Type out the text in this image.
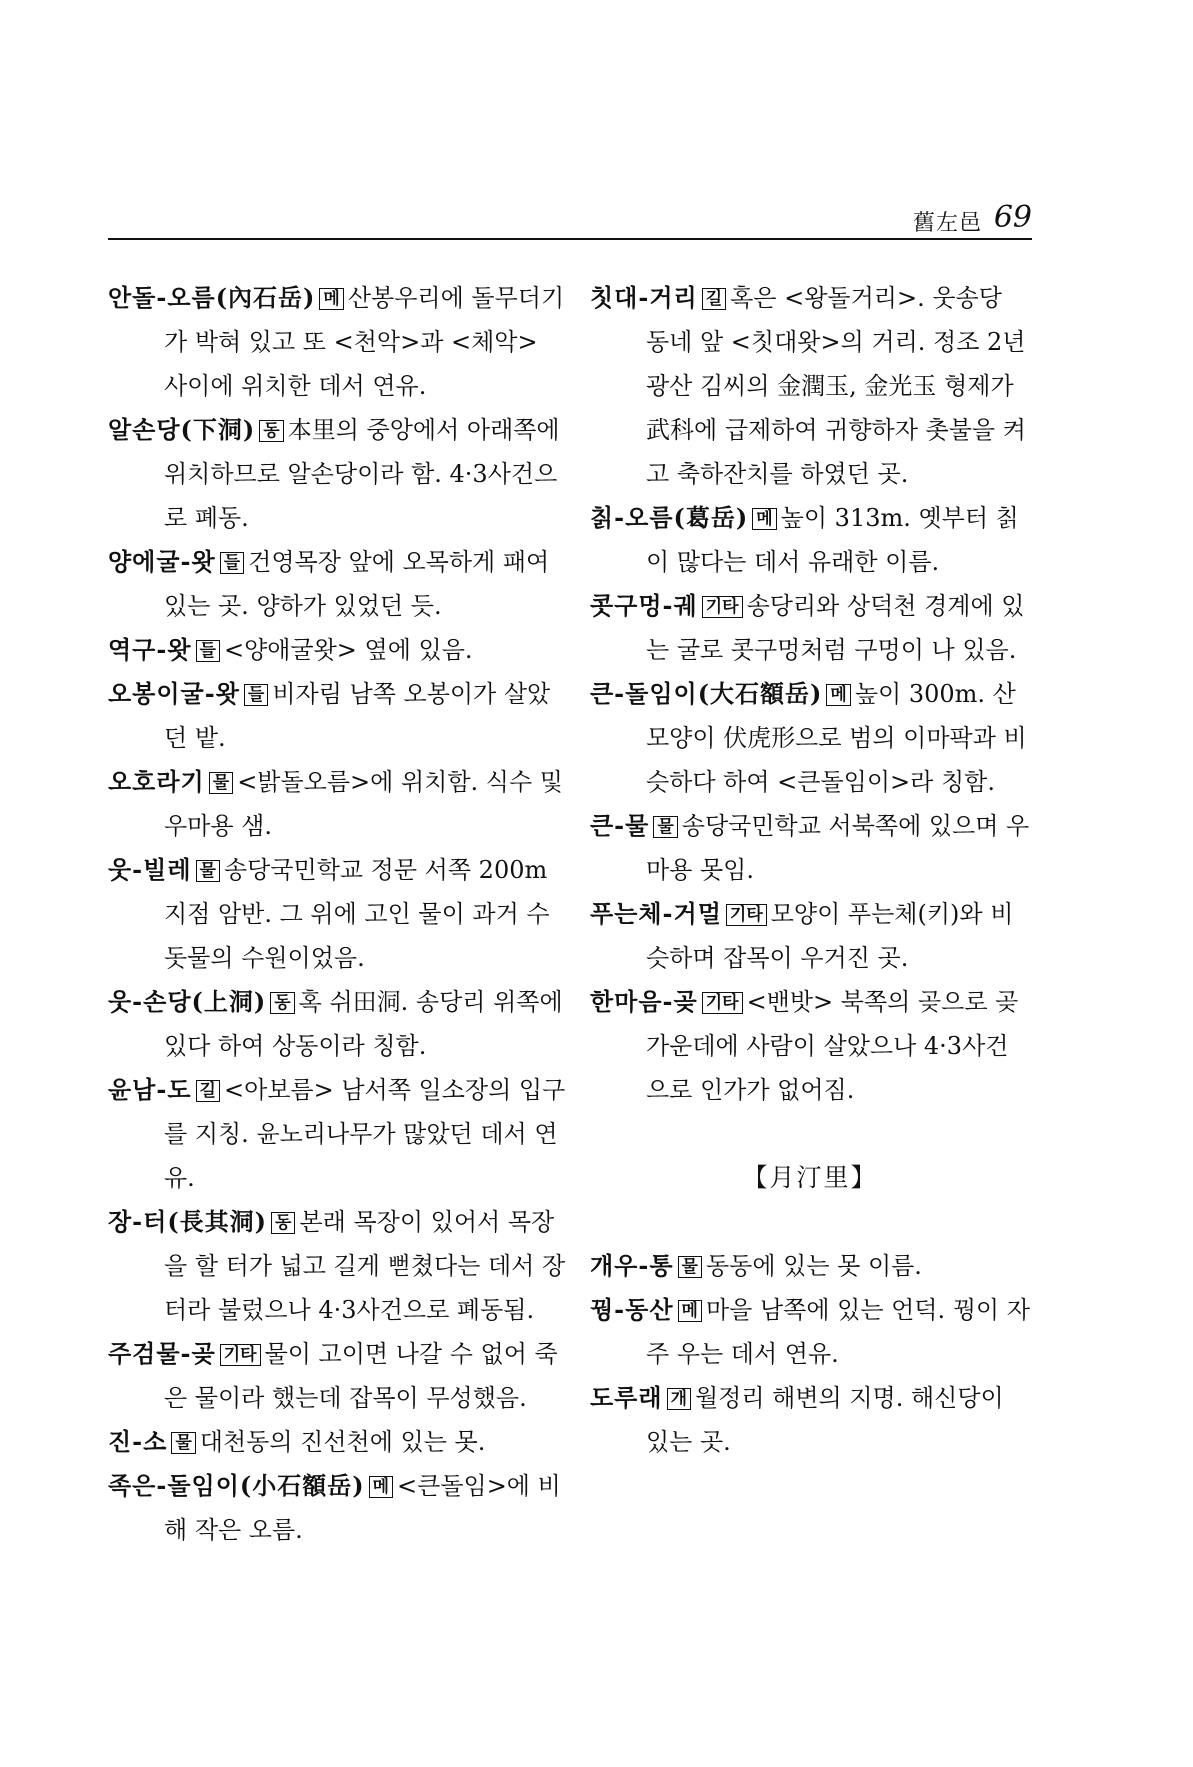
舊左邑 69

안돌-오름(內石岳) 메 산봉우리에 돌무더기가 박혀 있고 또 <천악>과 <체악> 사이에 위치한 데서 연유.

알손당(下洞) 동 本里의 중앙에서 아래쪽에 위치하므로 알손당이라 함. 4·3사건으로 폐동.

양에굴-왓 들 건영목장 앞에 오목하게 패여 있는 곳. 양하가 있었던 듯.

역구-왓 들 <양애굴왓> 옆에 있음.

오봉이굴-왓 들 비자림 남쪽 오봉이가 살았던 밭.

오호라기 물 <밝돌오름>에 위치함. 식수 및 우마용 샘.

웃-빌레 물 송당국민학교 정문 서쪽 200m 지점 암반. 그 위에 고인 물이 과거 수돗물의 수원이었음.

웃-손당(上洞) 동 혹 쉬田洞. 송당리 위쪽에 있다 하여 상동이라 칭함.

윤남-도 길 <아보름> 남서쪽 일소장의 입구를 지칭. 윤노리나무가 많았던 데서 연유.

장-터(長其洞) 동 본래 목장이 있어서 목장을 할 터가 넓고 길게 뻗쳤다는 데서 장터라 불렀으나 4·3사건으로 폐동됨.

주검물-곶 기타 물이 고이면 나갈 수 없어 죽은 물이라 했는데 잡목이 무성했음.

진-소 물 대천동의 진선천에 있는 못.

족은-돌임이(小石額岳) 메 <큰돌임>에 비해 작은 오름.

칫대-거리 길 혹은 <왕돌거리>. 웃송당 동네 앞 <칫대왓>의 거리. 정조 2년 광산 김씨의 金潤玉, 金光玉 형제가 武科에 급제하여 귀향하자 촛불을 켜고 축하잔치를 하였던 곳.

칡-오름(葛岳) 메 높이 313m. 옛부터 칡이 많다는 데서 유래한 이름.

콧구멍-궤 기타 송당리와 상덕천 경계에 있는 굴로 콧구멍처럼 구멍이 나 있음.

큰-돌임이(大石額岳) 메 높이 300m. 산 모양이 伏虎形으로 범의 이마팍과 비슷하다 하여 <큰돌임이>라 칭함.

큰-물 물 송당국민학교 서북쪽에 있으며 우마용 못임.

푸는체-거멀 기타 모양이 푸는체(키)와 비슷하며 잡목이 우거진 곳.

한마음-곶 기타 <밴밧> 북쪽의 곶으로 곶 가운데에 사람이 살았으나 4·3사건으로 인가가 없어짐.

【月汀里】

개우-통 물 동동에 있는 못 이름.

꿩-동산 메 마을 남쪽에 있는 언덕. 꿩이 자주 우는 데서 연유.

도루래 개 월정리 해변의 지명. 해신당이 있는 곳.
